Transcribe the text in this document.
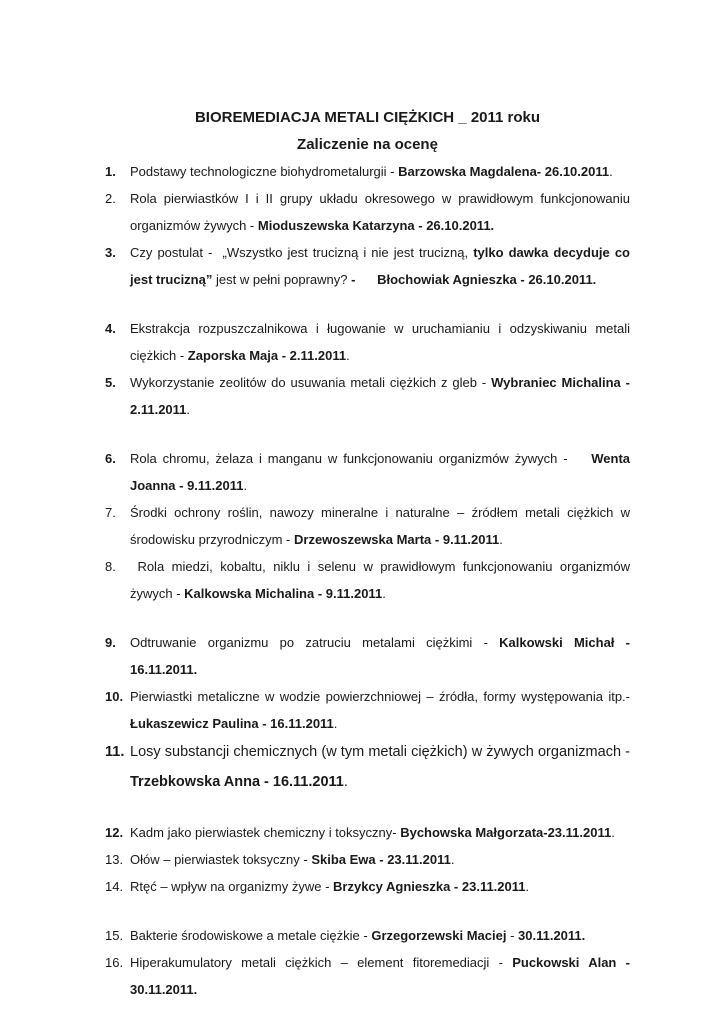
BIOREMEDIACJA METALI CIĘŻKICH _ 2011 roku
Zaliczenie na ocenę
1.	Podstawy technologiczne biohydrometalurgii - Barzowska Magdalena- 26.10.2011.
2.	Rola pierwiastków I i II grupy układu okresowego w prawidłowym funkcjonowaniu organizmów żywych - Mioduszewska Katarzyna - 26.10.2011.
3.	Czy postulat -  „Wszystko jest trucizną i nie jest trucizną, tylko dawka decyduje co jest trucizną” jest w pełni poprawny? -      Błochowiak Agnieszka - 26.10.2011.
4.	Ekstrakcja rozpuszczalnikowa i ługowanie w uruchamianiu i odzyskiwaniu metali ciężkich - Zaporska Maja - 2.11.2011.
5.	Wykorzystanie zeolitów do usuwania metali ciężkich z gleb - Wybraniec Michalina - 2.11.2011.
6.	Rola chromu, żelaza i manganu w funkcjonowaniu organizmów żywych -    Wenta Joanna - 9.11.2011.
7.	Środki ochrony roślin, nawozy mineralne i naturalne – źródłem metali ciężkich w środowisku przyrodniczym - Drzewoszewska Marta - 9.11.2011.
8.	Rola miedzi, kobaltu, niklu i selenu w prawidłowym funkcjonowaniu organizmów żywych - Kalkowska Michalina - 9.11.2011.
9.	Odtruwanie organizmu po zatruciu metalami ciężkimi - Kalkowski Michał - 16.11.2011.
10. Pierwiastki metaliczne w wodzie powierzchniowej – źródła, formy występowania itp.- Łukaszewicz Paulina - 16.11.2011.
11. Losy substancji chemicznych (w tym metali ciężkich) w żywych organizmach - Trzebkowska Anna - 16.11.2011.
12. Kadm jako pierwiastek chemiczny i toksyczny- Bychowska Małgorzata-23.11.2011.
13. Ołów – pierwiastek toksyczny - Skiba Ewa - 23.11.2011.
14. Rtęć – wpływ na organizmy żywe - Brzykcy Agnieszka - 23.11.2011.
15. Bakterie środowiskowe a metale ciężkie - Grzegorzewski Maciej - 30.11.2011.
16. Hiperakumulatory metali ciężkich – element fitoremediacji - Puckowski Alan - 30.11.2011.
